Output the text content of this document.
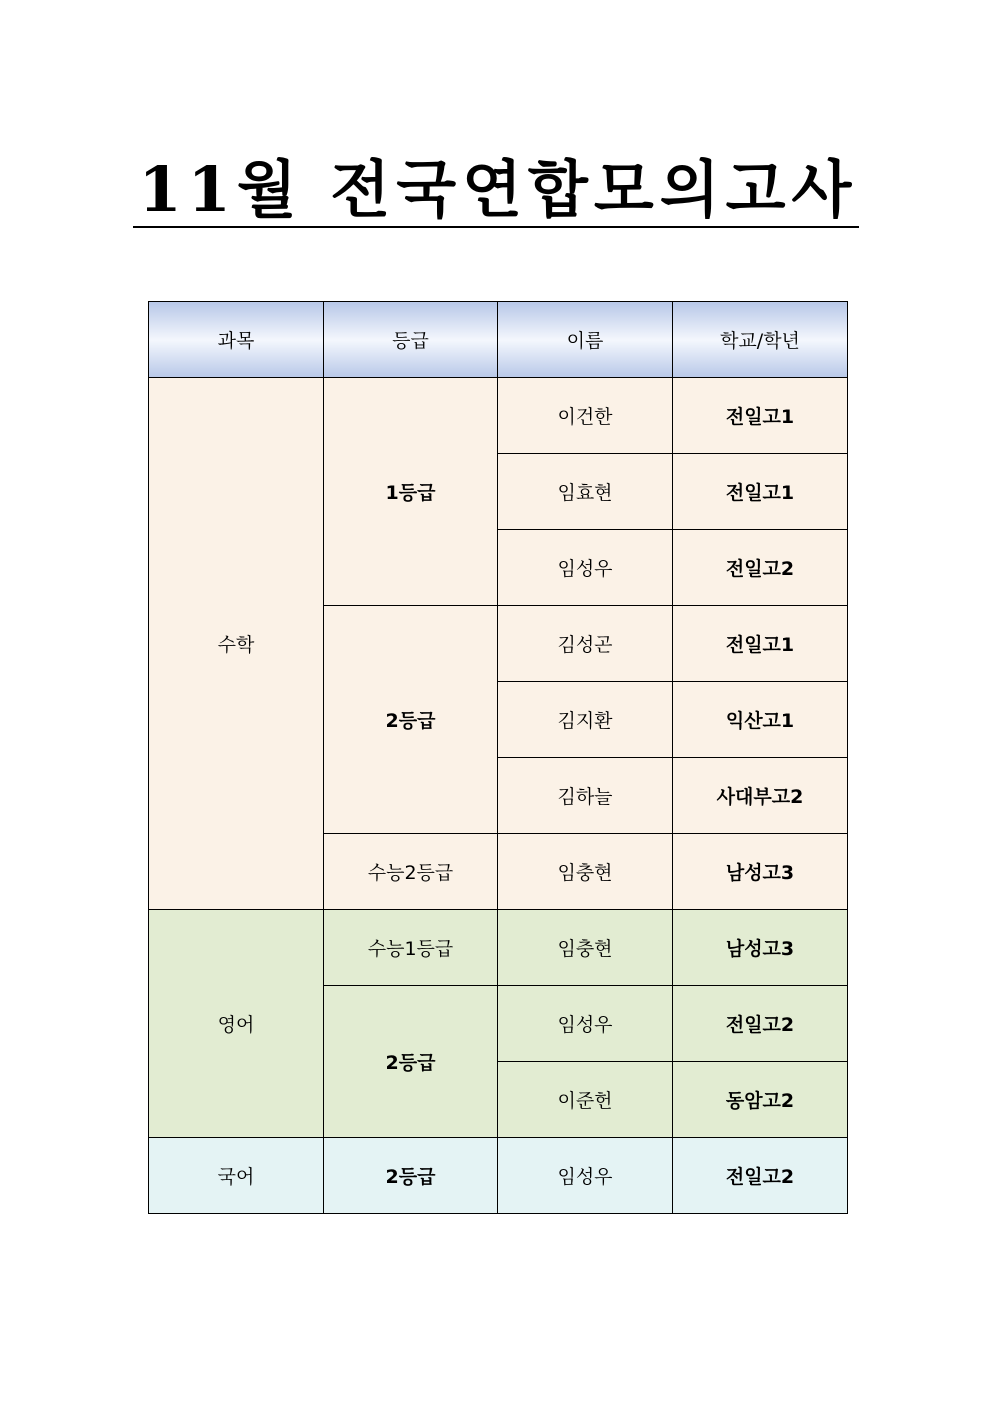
11월 전국연합모의고사
과목	등급	이름	학교/학년
수학	1등급	이건한	전일고1
		임효현	전일고1
		임성우	전일고2
	2등급	김성곤	전일고1
		김지환	익산고1
		김하늘	사대부고2
	수능2등급	임충현	남성고3
영어	수능1등급	임충현	남성고3
	2등급	임성우	전일고2
		이준헌	동암고2
국어	2등급	임성우	전일고2
